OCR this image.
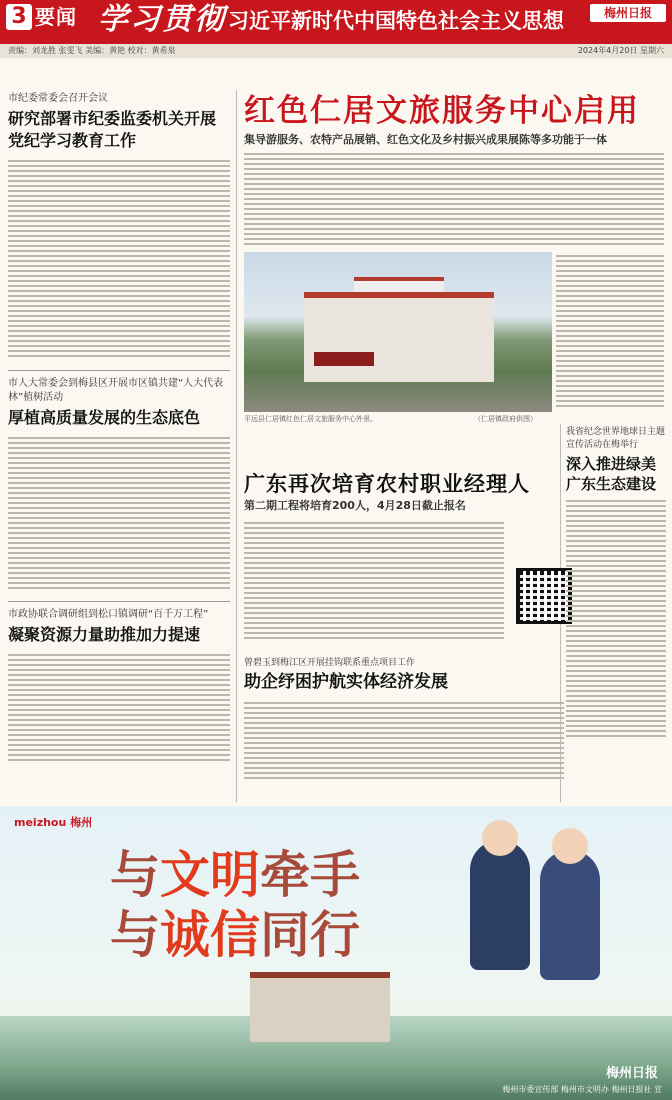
3 要闻 学习贯彻 习近平新时代中国特色社会主义思想	梅州日报
责编：刘龙胜 张雯飞 美编：黄艳 校对：黄希泉	2024年4月20日 星期六
市纪委常委会召开会议
研究部署市纪委监委机关开展党纪学习教育工作
市人大常委会到梅县区开展市区镇共建“人大代表林”植树活动
厚植高质量发展的生态底色
市政协联合调研组到松口镇调研“百千万工程”
凝聚资源力量助推加力提速
红色仁居文旅服务中心启用
集导游服务、农特产品展销、红色文化及乡村振兴成果展陈等多功能于一体
平远县仁居镇红色仁居文旅服务中心外景。	（仁居镇政府供图）
广东再次培育农村职业经理人
第二期工程将培育200人，4月28日截止报名
曾碧玉到梅江区开展挂钩联系重点项目工作
助企纾困护航实体经济发展
我省纪念世界地球日主题宣传活动在梅举行
深入推进绿美广东生态建设
meizhou 梅州
与文明牵手
与诚信同行
梅州日报
梅州市委宣传部 梅州市文明办 梅州日报社 宣
